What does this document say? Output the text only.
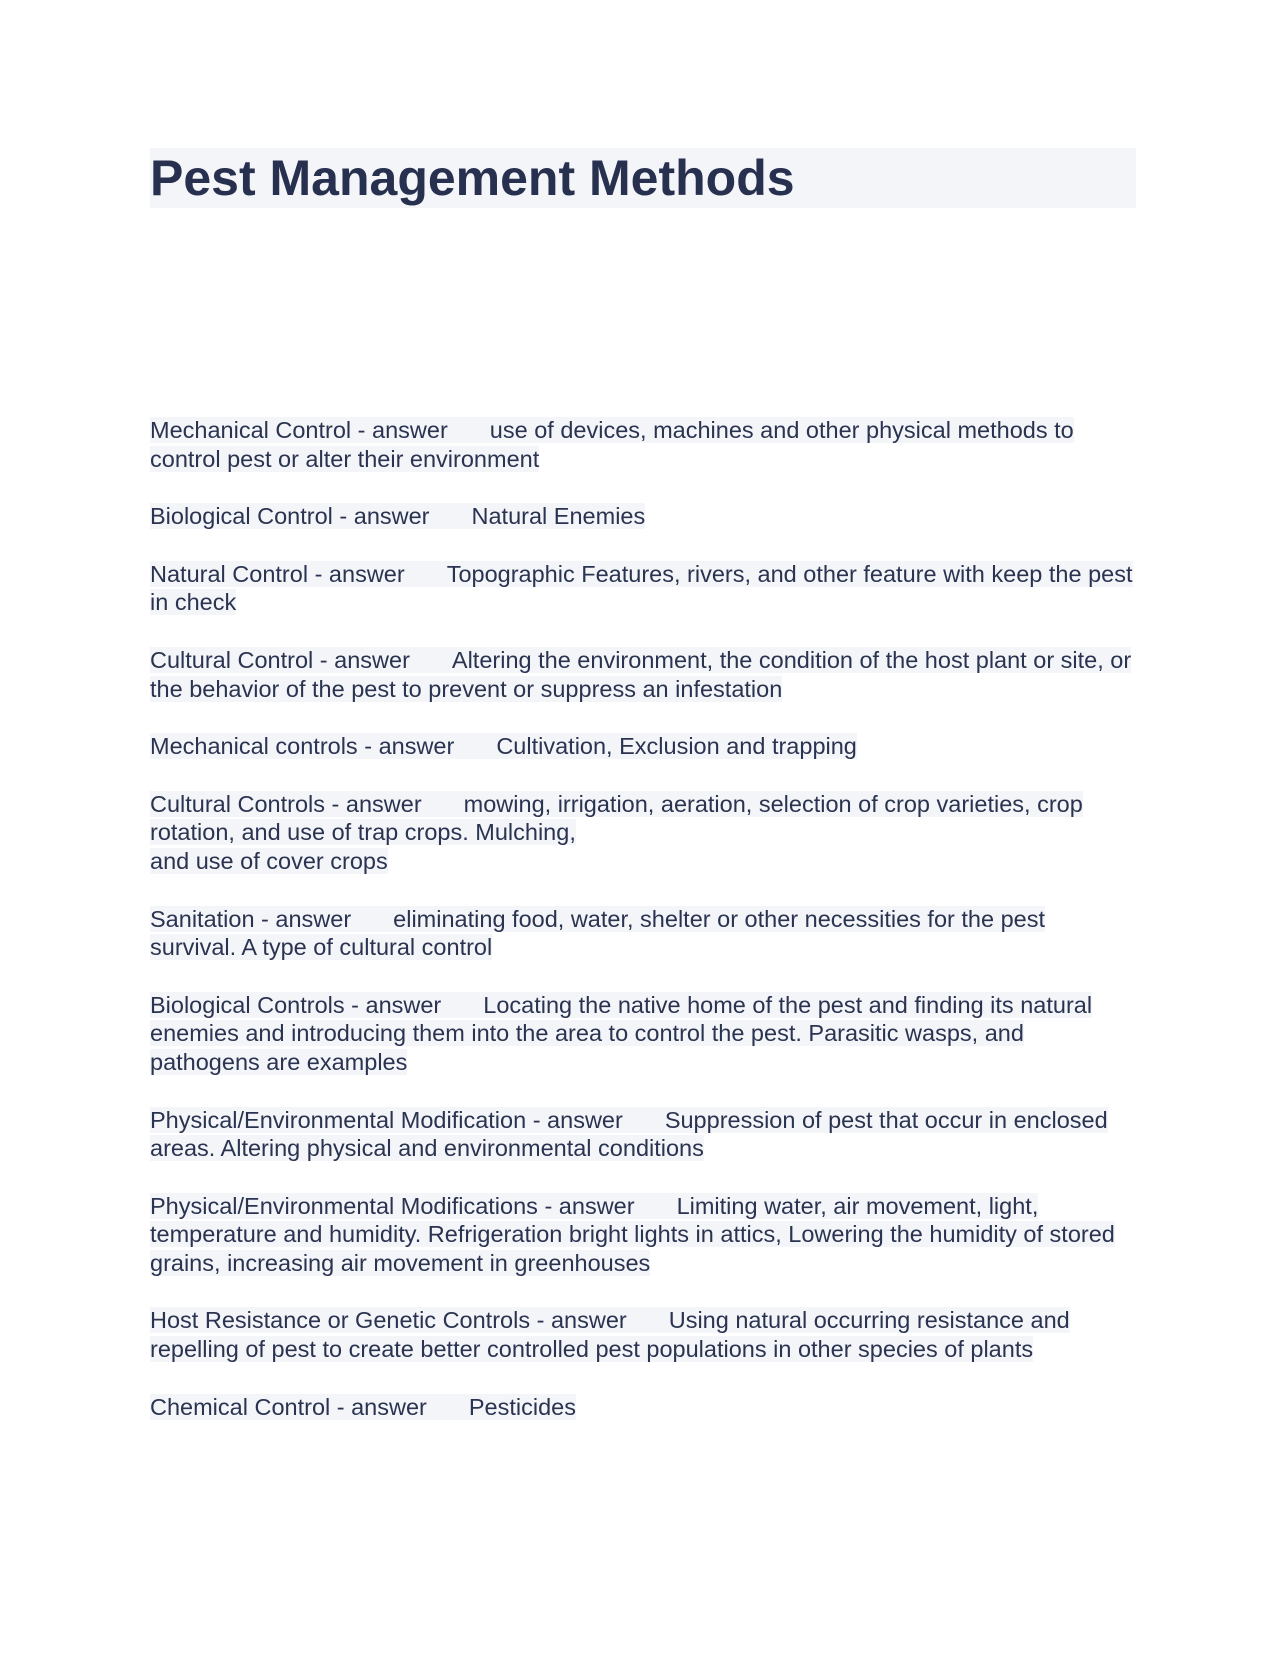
Pest Management Methods

Mechanical Control - answer use of devices, machines and other physical methods to control pest or alter their environment

Biological Control - answer Natural Enemies

Natural Control - answer Topographic Features, rivers, and other feature with keep the pest in check

Cultural Control - answer Altering the environment, the condition of the host plant or site, or the behavior of the pest to prevent or suppress an infestation

Mechanical controls - answer Cultivation, Exclusion and trapping

Cultural Controls - answer mowing, irrigation, aeration, selection of crop varieties, crop rotation, and use of trap crops. Mulching,
and use of cover crops

Sanitation - answer eliminating food, water, shelter or other necessities for the pest survival. A type of cultural control

Biological Controls - answer Locating the native home of the pest and finding its natural enemies and introducing them into the area to control the pest. Parasitic wasps, and pathogens are examples

Physical/Environmental Modification - answer Suppression of pest that occur in enclosed areas. Altering physical and environmental conditions

Physical/Environmental Modifications - answer Limiting water, air movement, light, temperature and humidity. Refrigeration bright lights in attics, Lowering the humidity of stored grains, increasing air movement in greenhouses

Host Resistance or Genetic Controls - answer Using natural occurring resistance and repelling of pest to create better controlled pest populations in other species of plants

Chemical Control - answer Pesticides
